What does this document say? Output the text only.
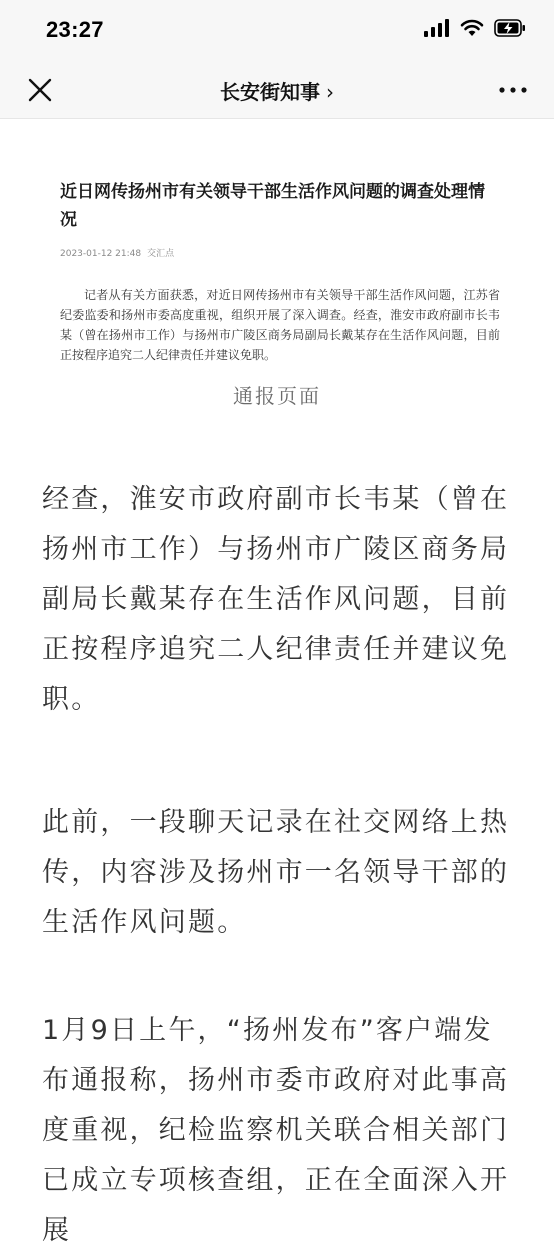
23:27
长安街知事 ›
近日网传扬州市有关领导干部生活作风问题的调查处理情况
2023-01-12 21:48 交汇点
记者从有关方面获悉，对近日网传扬州市有关领导干部生活作风问题，江苏省纪委监委和扬州市委高度重视，组织开展了深入调查。经查，淮安市政府副市长韦某（曾在扬州市工作）与扬州市广陵区商务局副局长戴某存在生活作风问题，目前正按程序追究二人纪律责任并建议免职。
通报页面

经查，淮安市政府副市长韦某（曾在扬州市工作）与扬州市广陵区商务局副局长戴某存在生活作风问题，目前正按程序追究二人纪律责任并建议免职。

此前，一段聊天记录在社交网络上热传，内容涉及扬州市一名领导干部的生活作风问题。

1月9日上午，“扬州发布”客户端发布通报称，扬州市委市政府对此事高度重视，纪检监察机关联合相关部门已成立专项核查组，正在全面深入开展
